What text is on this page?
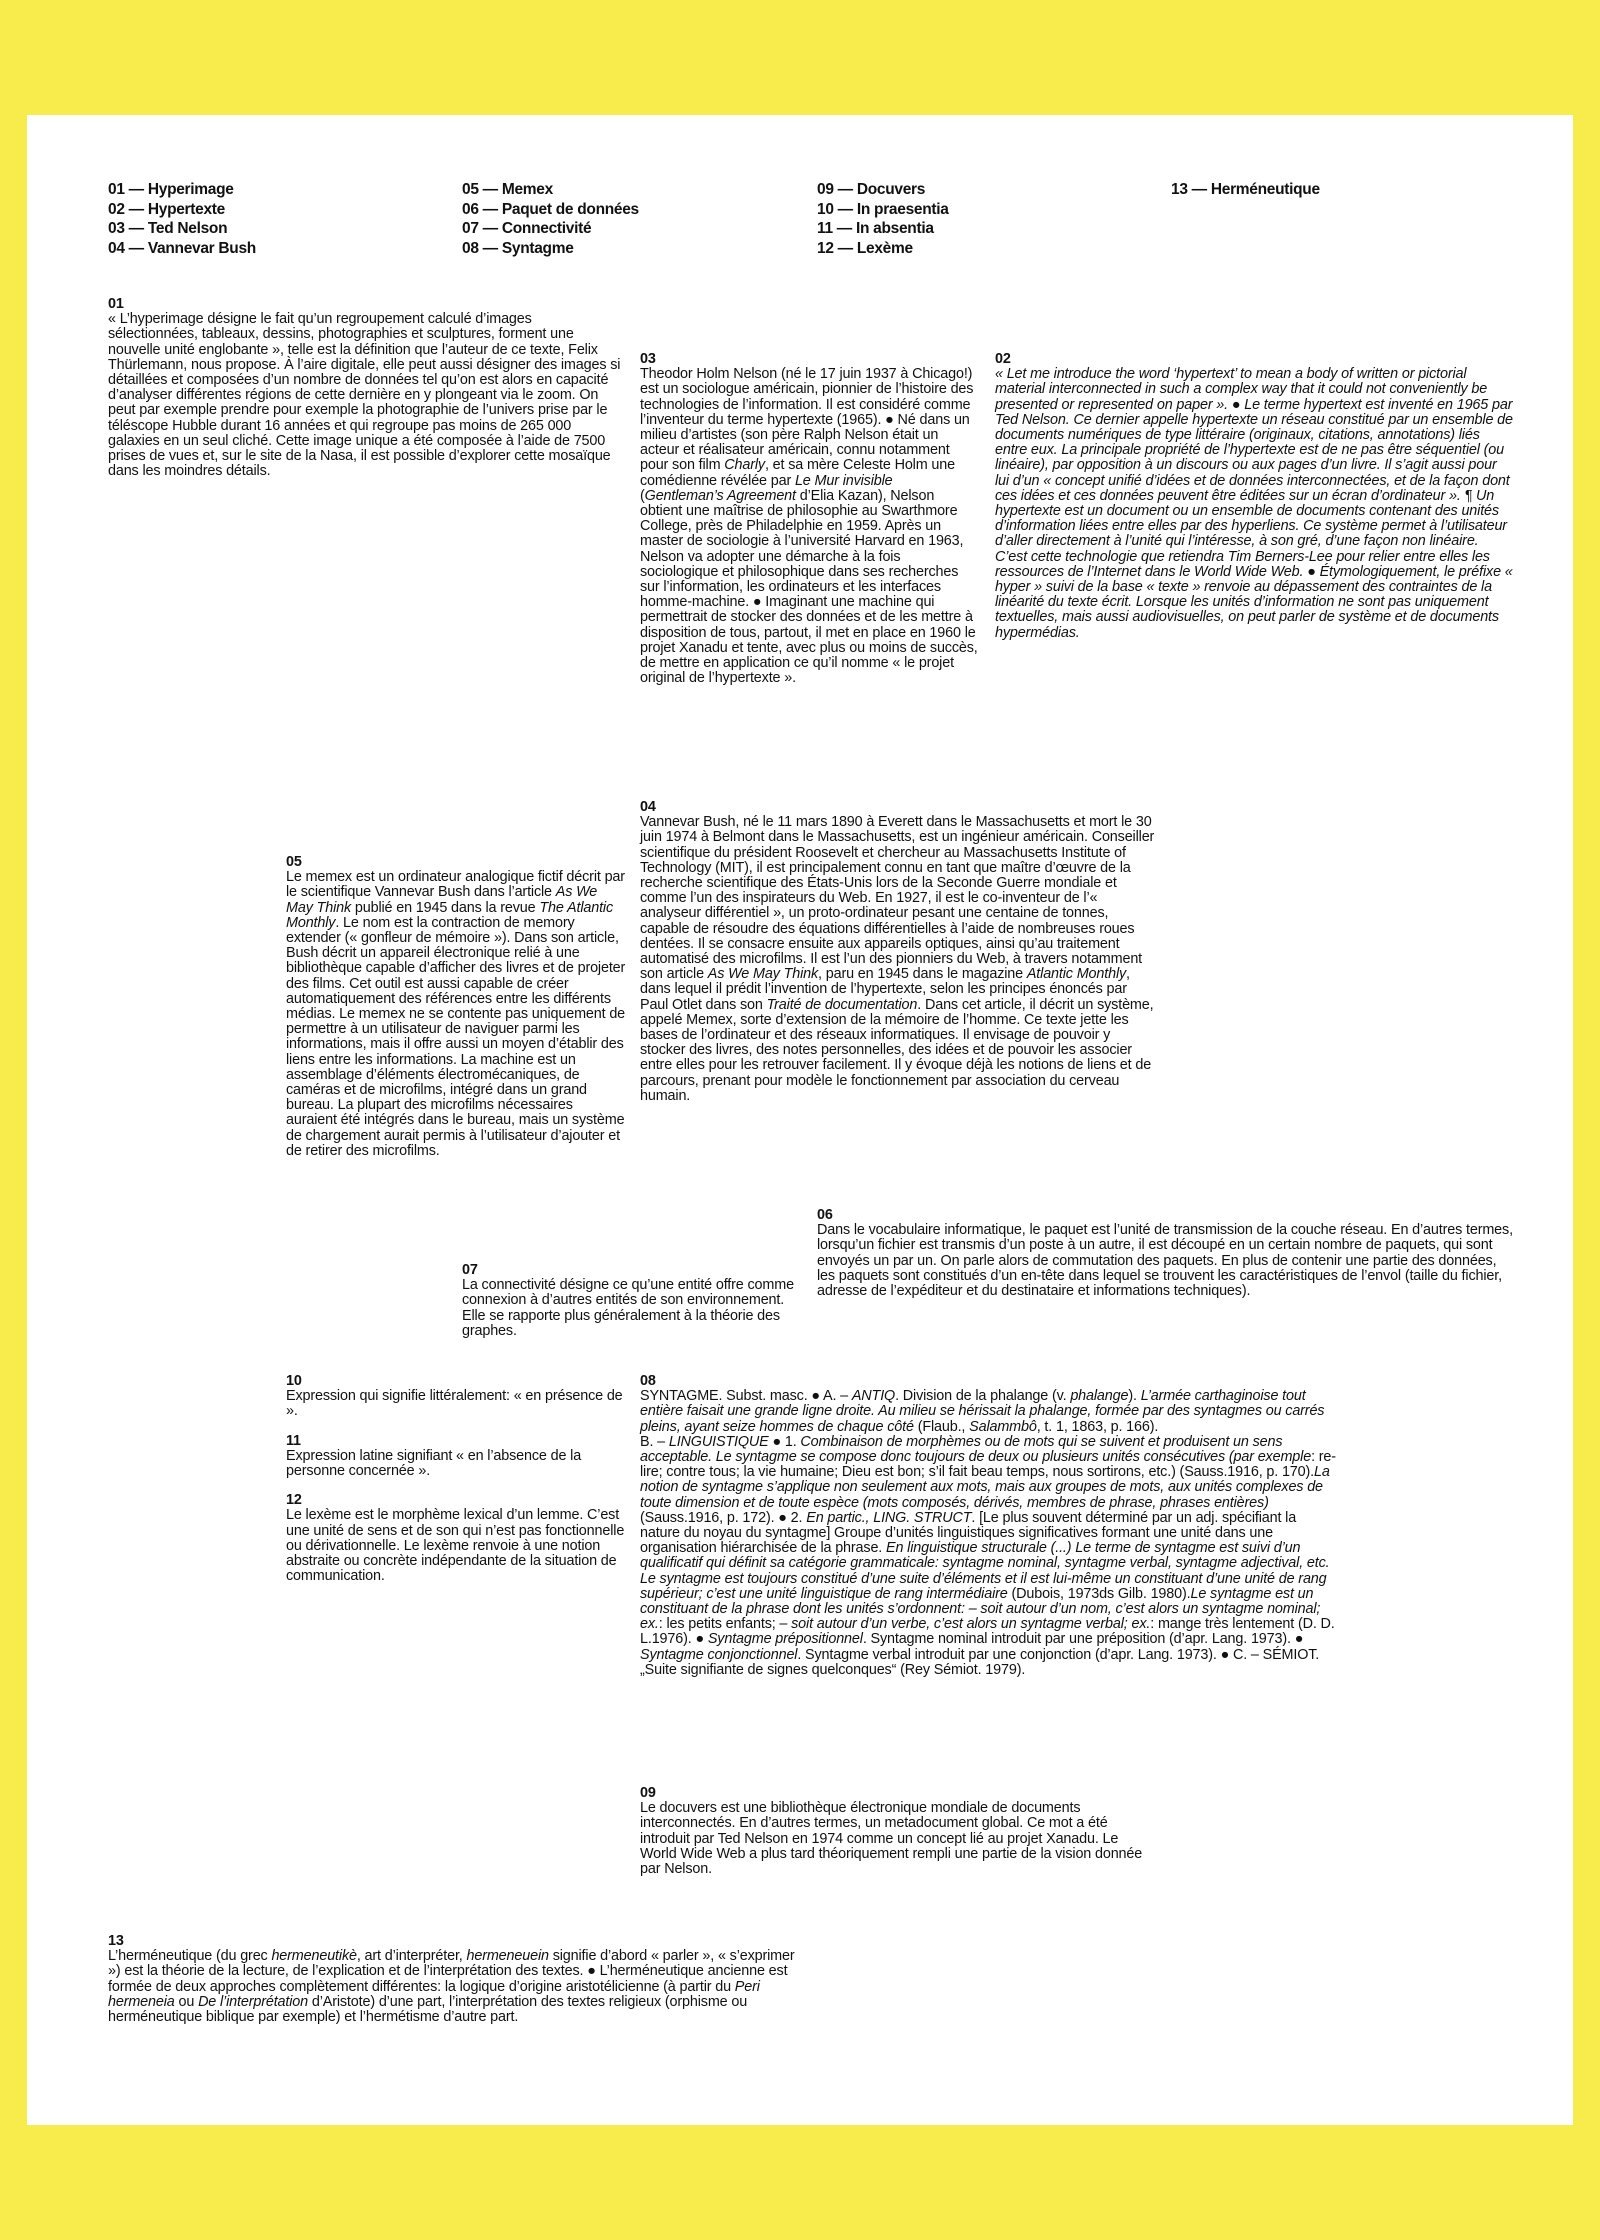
01 — Hyperimage
02 — Hypertexte
03 — Ted Nelson
04 — Vannevar Bush
05 — Memex
06 — Paquet de données
07 — Connectivité
08 — Syntagme
09 — Docuvers
10 — In praesentia
11 — In absentia
12 — Lexème
13 — Herméneutique
01
« L’hyperimage désigne le fait qu’un regroupement calculé d’images sélectionnées, tableaux, dessins, photographies et sculptures, forment une nouvelle unité englobante », telle est la définition que l’auteur de ce texte, Felix Thürlemann, nous propose. À l’aire digitale, elle peut aussi désigner des images si détaillées et composées d’un nombre de données tel qu’on est alors en capacité d’analyser différentes régions de cette dernière en y plongeant via le zoom. On peut par exemple prendre pour exemple la photographie de l’univers prise par le téléscope Hubble durant 16 années et qui regroupe pas moins de 265 000 galaxies en un seul cliché. Cette image unique a été composée à l’aide de 7500 prises de vues et, sur le site de la Nasa, il est possible d’explorer cette mosaïque dans les moindres détails.
03
Theodor Holm Nelson (né le 17 juin 1937 à Chicago!) est un sociologue américain, pionnier de l’histoire des technologies de l’information. Il est considéré comme l’inventeur du terme hypertexte (1965). ● Né dans un milieu d’artistes (son père Ralph Nelson était un acteur et réalisateur américain, connu notamment pour son film Charly, et sa mère Celeste Holm une comédienne révélée par Le Mur invisible (Gentleman’s Agreement d’Elia Kazan), Nelson obtient une maîtrise de philosophie au Swarthmore College, près de Philadelphie en 1959. Après un master de sociologie à l’université Harvard en 1963, Nelson va adopter une démarche à la fois sociologique et philosophique dans ses recherches sur l’information, les ordinateurs et les interfaces homme-machine. ● Imaginant une machine qui permettrait de stocker des données et de les mettre à disposition de tous, partout, il met en place en 1960 le projet Xanadu et tente, avec plus ou moins de succès, de mettre en application ce qu’il nomme « le projet original de l’hypertexte ».
02
« Let me introduce the word ‘hypertext’ to mean a body of written or pictorial material interconnected in such a complex way that it could not conveniently be presented or represented on paper ». ● Le terme hypertext est inventé en 1965 par Ted Nelson. Ce dernier appelle hypertexte un réseau constitué par un ensemble de documents numériques de type littéraire (originaux, citations, annotations) liés entre eux. La principale propriété de l’hypertexte est de ne pas être séquentiel (ou linéaire), par opposition à un discours ou aux pages d’un livre. Il s’agit aussi pour lui d’un « concept unifié d’idées et de données interconnectées, et de la façon dont ces idées et ces données peuvent être éditées sur un écran d’ordinateur ». ¶ Un hypertexte est un document ou un ensemble de documents contenant des unités d’information liées entre elles par des hyperliens. Ce système permet à l’utilisateur d’aller directement à l’unité qui l’intéresse, à son gré, d’une façon non linéaire. C’est cette technologie que retiendra Tim Berners-Lee pour relier entre elles les ressources de l’Internet dans le World Wide Web. ● Étymologiquement, le préfixe « hyper » suivi de la base « texte » renvoie au dépassement des contraintes de la linéarité du texte écrit. Lorsque les unités d’information ne sont pas uniquement textuelles, mais aussi audiovisuelles, on peut parler de système et de documents hypermédias.
04
Vannevar Bush, né le 11 mars 1890 à Everett dans le Massachusetts et mort le 30 juin 1974 à Belmont dans le Massachusetts, est un ingénieur américain. Conseiller scientifique du président Roosevelt et chercheur au Massachusetts Institute of Technology (MIT), il est principalement connu en tant que maître d’œuvre de la recherche scientifique des États-Unis lors de la Seconde Guerre mondiale et comme l’un des inspirateurs du Web. En 1927, il est le co-inventeur de l’« analyseur différentiel », un proto-ordinateur pesant une centaine de tonnes, capable de résoudre des équations différentielles à l’aide de nombreuses roues dentées. Il se consacre ensuite aux appareils optiques, ainsi qu’au traitement automatisé des microfilms. Il est l’un des pionniers du Web, à travers notamment son article As We May Think, paru en 1945 dans le magazine Atlantic Monthly, dans lequel il prédit l’invention de l’hypertexte, selon les principes énoncés par Paul Otlet dans son Traité de documentation. Dans cet article, il décrit un système, appelé Memex, sorte d’extension de la mémoire de l’homme. Ce texte jette les bases de l’ordinateur et des réseaux informatiques. Il envisage de pouvoir y stocker des livres, des notes personnelles, des idées et de pouvoir les associer entre elles pour les retrouver facilement. Il y évoque déjà les notions de liens et de parcours, prenant pour modèle le fonctionnement par association du cerveau humain.
05
Le memex est un ordinateur analogique fictif décrit par le scientifique Vannevar Bush dans l’article As We May Think publié en 1945 dans la revue The Atlantic Monthly. Le nom est la contraction de memory extender (« gonfleur de mémoire »). Dans son article, Bush décrit un appareil électronique relié à une bibliothèque capable d’afficher des livres et de projeter des films. Cet outil est aussi capable de créer automatiquement des références entre les différents médias. Le memex ne se contente pas uniquement de permettre à un utilisateur de naviguer parmi les informations, mais il offre aussi un moyen d’établir des liens entre les informations. La machine est un assemblage d’éléments électromécaniques, de caméras et de microfilms, intégré dans un grand bureau. La plupart des microfilms nécessaires auraient été intégrés dans le bureau, mais un système de chargement aurait permis à l’utilisateur d’ajouter et de retirer des microfilms.
06
Dans le vocabulaire informatique, le paquet est l’unité de transmission de la couche réseau. En d’autres termes, lorsqu’un fichier est transmis d’un poste à un autre, il est découpé en un certain nombre de paquets, qui sont envoyés un par un. On parle alors de commutation des paquets. En plus de contenir une partie des données, les paquets sont constitués d’un en-tête dans lequel se trouvent les caractéristiques de l’envol (taille du fichier, adresse de l’expéditeur et du destinataire et informations techniques).
07
La connectivité désigne ce qu’une entité offre comme connexion à d’autres entités de son environnement. Elle se rapporte plus généralement à la théorie des graphes.
10
Expression qui signifie littéralement: « en présence de ».
11
Expression latine signifiant « en l’absence de la personne concernée ».
12
Le lexème est le morphème lexical d’un lemme. C’est une unité de sens et de son qui n’est pas fonctionnelle ou dérivationnelle. Le lexème renvoie à une notion abstraite ou concrète indépendante de la situation de communication.
08
SYNTAGME. Subst. masc. ● A. – ANTIQ. Division de la phalange (v. phalange). L’armée carthaginoise tout entière faisait une grande ligne droite. Au milieu se hérissait la phalange, formée par des syntagmes ou carrés pleins, ayant seize hommes de chaque côté (Flaub., Salammbô, t. 1, 1863, p. 166).
B. – LINGUISTIQUE ● 1. Combinaison de morphèmes ou de mots qui se suivent et produisent un sens acceptable. Le syntagme se compose donc toujours de deux ou plusieurs unités consécutives (par exemple: re-lire; contre tous; la vie humaine; Dieu est bon; s’il fait beau temps, nous sortirons, etc.) (Sauss.1916, p. 170).La notion de syntagme s’applique non seulement aux mots, mais aux groupes de mots, aux unités complexes de toute dimension et de toute espèce (mots composés, dérivés, membres de phrase, phrases entières) (Sauss.1916, p. 172). ● 2. En partic., LING. STRUCT. [Le plus souvent déterminé par un adj. spécifiant la nature du noyau du syntagme] Groupe d’unités linguistiques significatives formant une unité dans une organisation hiérarchisée de la phrase. En linguistique structurale (...) Le terme de syntagme est suivi d’un qualificatif qui définit sa catégorie grammaticale: syntagme nominal, syntagme verbal, syntagme adjectival, etc. Le syntagme est toujours constitué d’une suite d’éléments et il est lui-même un constituant d’une unité de rang supérieur; c’est une unité linguistique de rang intermédiaire (Dubois, 1973ds Gilb. 1980).Le syntagme est un constituant de la phrase dont les unités s’ordonnent: – soit autour d’un nom, c’est alors un syntagme nominal; ex.: les petits enfants; – soit autour d’un verbe, c’est alors un syntagme verbal; ex.: mange très lentement (D. D. L.1976). ● Syntagme prépositionnel. Syntagme nominal introduit par une préposition (d’apr. Lang. 1973). ● Syntagme conjonctionnel. Syntagme verbal introduit par une conjonction (d’apr. Lang. 1973). ● C. – SÉMIOT. „Suite signifiante de signes quelconques“ (Rey Sémiot. 1979).
09
Le docuvers est une bibliothèque électronique mondiale de documents interconnectés. En d’autres termes, un metadocument global. Ce mot a été introduit par Ted Nelson en 1974 comme un concept lié au projet Xanadu. Le World Wide Web a plus tard théoriquement rempli une partie de la vision donnée par Nelson.
13
L’herméneutique (du grec hermeneutikè, art d’interpréter, hermeneuein signifie d’abord « parler », « s’exprimer ») est la théorie de la lecture, de l’explication et de l’interprétation des textes. ● L’herméneutique ancienne est formée de deux approches complètement différentes: la logique d’origine aristotélicienne (à partir du Peri hermeneia ou De l’interprétation d’Aristote) d’une part, l’interprétation des textes religieux (orphisme ou herméneutique biblique par exemple) et l’hermétisme d’autre part.
